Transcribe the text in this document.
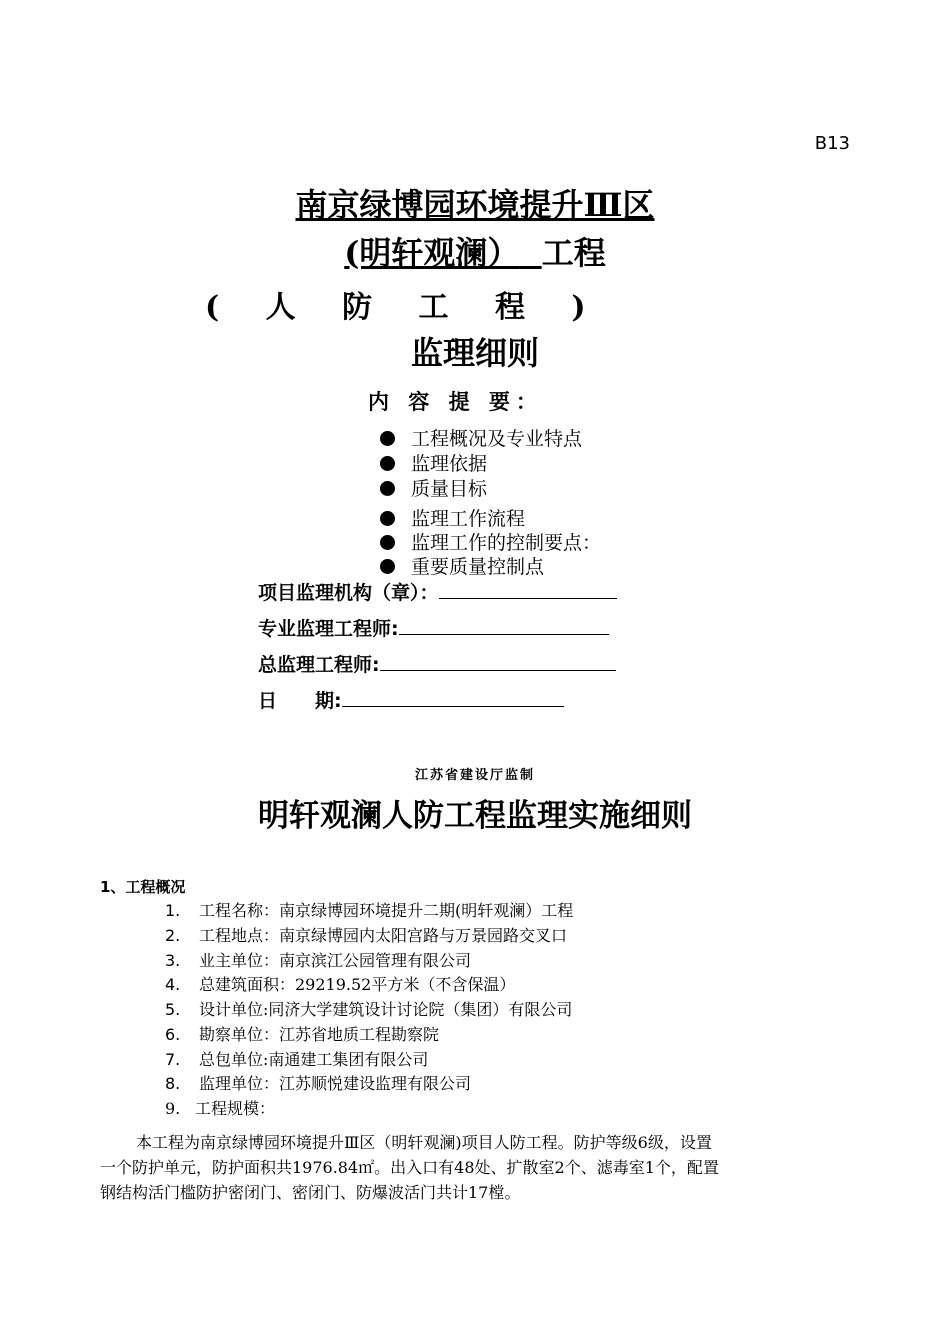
B13
南京绿博园环境提升Ⅲ区
(明轩观澜） 工程
( 人 防 工 程 )
监理细则
内 容 提 要：
工程概况及专业特点
监理依据
质量目标
监理工作流程
监理工作的控制要点：
重要质量控制点
项目监理机构（章）：
专业监理工程师:
总监理工程师:
日　　期:
江苏省建设厅监制
明轩观澜人防工程监理实施细则
1、工程概况
1. 工程名称：南京绿博园环境提升二期(明轩观澜）工程
2. 工程地点：南京绿博园内太阳宫路与万景园路交叉口
3. 业主单位：南京滨江公园管理有限公司
4. 总建筑面积：29219.52平方米（不含保温）
5. 设计单位:同济大学建筑设计讨论院（集团）有限公司
6. 勘察单位：江苏省地质工程勘察院
7. 总包单位:南通建工集团有限公司
8. 监理单位：江苏顺悦建设监理有限公司
9. 工程规模：
本工程为南京绿博园环境提升Ⅲ区（明轩观澜)项目人防工程。防护等级6级，设置
一个防护单元，防护面积共1976.84㎡。出入口有48处、扩散室2个、滤毒室1个，配置
钢结构活门槛防护密闭门、密闭门、防爆波活门共计17樘。
